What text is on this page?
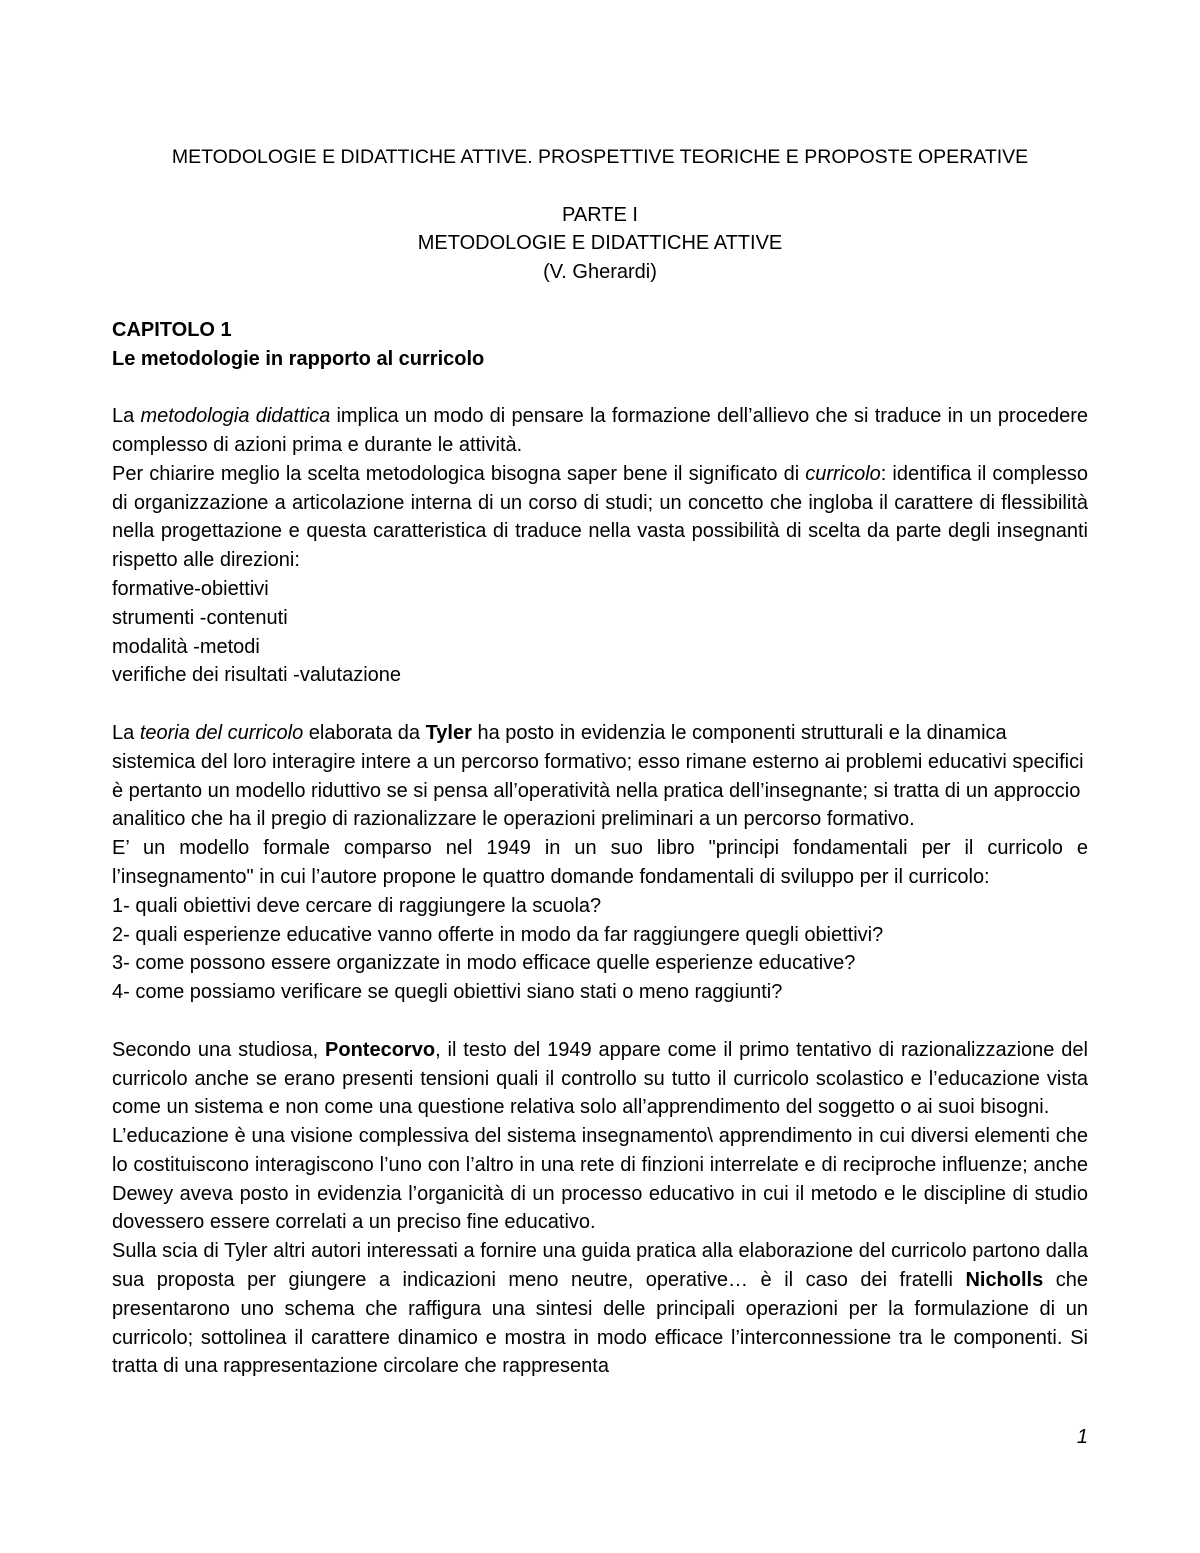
METODOLOGIE E DIDATTICHE ATTIVE. PROSPETTIVE TEORICHE E PROPOSTE OPERATIVE

PARTE I

METODOLOGIE E DIDATTICHE ATTIVE

(V. Gherardi)

CAPITOLO 1

Le metodologie in rapporto al curricolo

La metodologia didattica implica un modo di pensare la formazione dell’allievo che si traduce in un procedere complesso di azioni prima e durante le attività.

Per chiarire meglio la scelta metodologica bisogna saper bene il significato di curricolo: identifica il complesso di organizzazione a articolazione interna di un corso di studi; un concetto che ingloba il carattere di flessibilità nella progettazione e questa caratteristica di traduce nella vasta possibilità di scelta da parte degli insegnanti rispetto alle direzioni:

formative-obiettivi

strumenti -contenuti

modalità -metodi

verifiche dei risultati -valutazione

La teoria del curricolo elaborata da Tyler ha posto in evidenzia le componenti strutturali e la dinamica sistemica del loro interagire intere a un percorso formativo; esso rimane esterno ai problemi educativi specifici è pertanto un modello riduttivo se si pensa all’operatività nella pratica dell’insegnante; si tratta di un approccio analitico che ha il pregio di razionalizzare le operazioni preliminari a un percorso formativo.

E’ un modello formale comparso nel 1949 in un suo libro "principi fondamentali per il curricolo e l’insegnamento" in cui l’autore propone le quattro domande fondamentali di sviluppo per il curricolo:

1- quali obiettivi deve cercare di raggiungere la scuola?

2- quali esperienze educative vanno offerte in modo da far raggiungere quegli obiettivi?

3- come possono essere organizzate in modo efficace quelle esperienze educative?

4- come possiamo verificare se quegli obiettivi siano stati o meno raggiunti?

Secondo una studiosa, Pontecorvo, il testo del 1949 appare come il primo tentativo di razionalizzazione del curricolo anche se erano presenti tensioni quali il controllo su tutto il curricolo scolastico e l’educazione vista come un sistema e non come una questione relativa solo all’apprendimento del soggetto o ai suoi bisogni.

L’educazione è una visione complessiva del sistema insegnamento\ apprendimento in cui diversi elementi che lo costituiscono interagiscono l’uno con l’altro in una rete di finzioni interrelate e di reciproche influenze; anche Dewey aveva posto in evidenzia l’organicità di un processo educativo in cui il metodo e le discipline di studio dovessero essere correlati a un preciso fine educativo.

Sulla scia di Tyler altri autori interessati a fornire una guida pratica alla elaborazione del curricolo partono dalla sua proposta per giungere a indicazioni meno neutre, operative… è il caso dei fratelli Nicholls che presentarono uno schema che raffigura una sintesi delle principali operazioni per la formulazione di un curricolo; sottolinea il carattere dinamico e mostra in modo efficace l’interconnessione tra le componenti. Si tratta di una rappresentazione circolare che rappresenta

1
